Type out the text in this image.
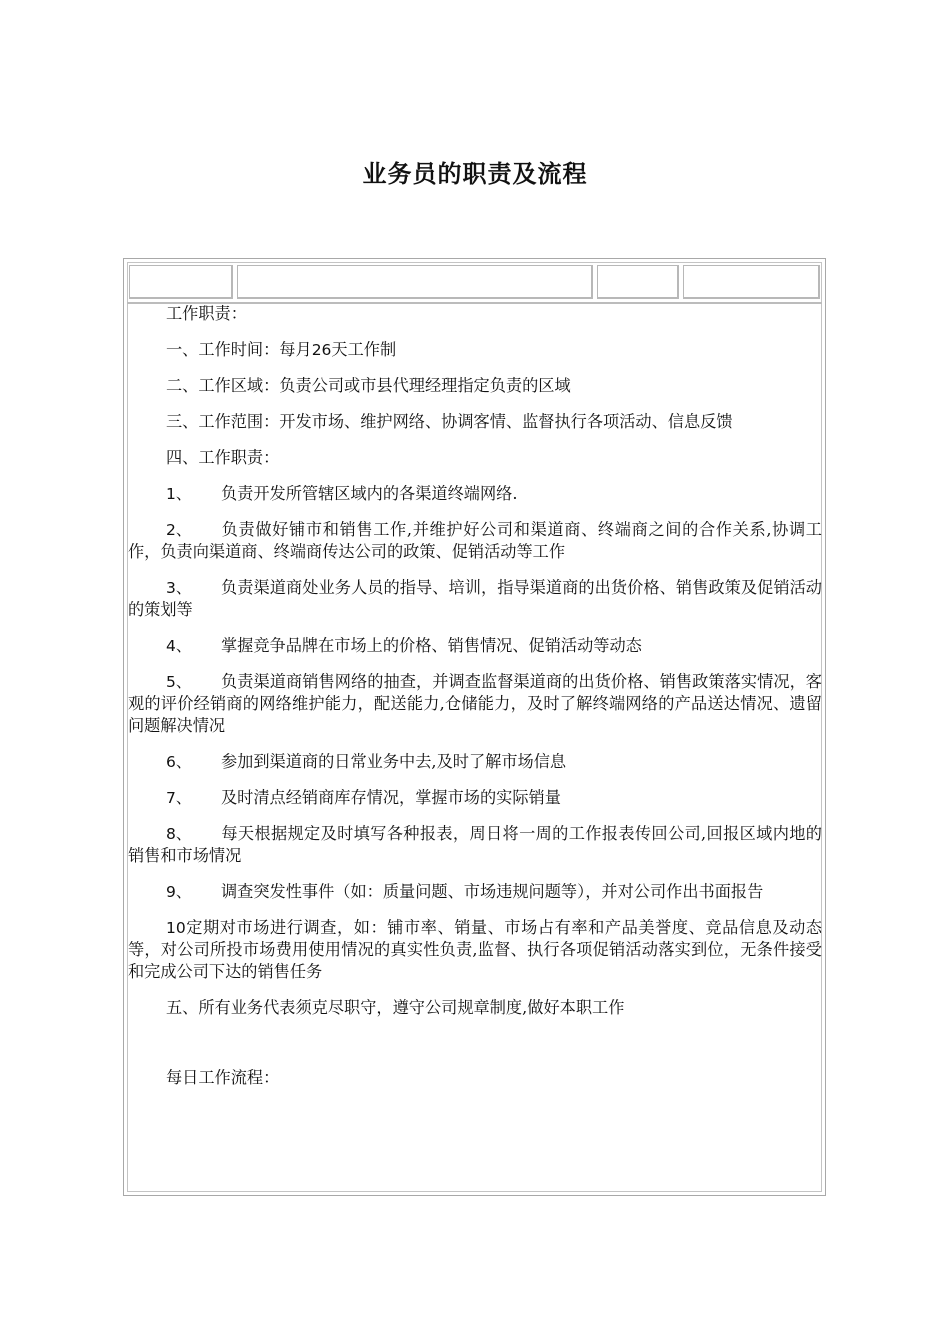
业务员的职责及流程

工作职责：

一、工作时间：每月26天工作制

二、工作区域：负责公司或市县代理经理指定负责的区域

三、工作范围：开发市场、维护网络、协调客情、监督执行各项活动、信息反馈

四、工作职责：

1、 负责开发所管辖区域内的各渠道终端网络.

2、 负责做好铺市和销售工作,并维护好公司和渠道商、终端商之间的合作关系,协调工作，负责向渠道商、终端商传达公司的政策、促销活动等工作

3、 负责渠道商处业务人员的指导、培训，指导渠道商的出货价格、销售政策及促销活动的策划等

4、 掌握竞争品牌在市场上的价格、销售情况、促销活动等动态

5、 负责渠道商销售网络的抽查，并调查监督渠道商的出货价格、销售政策落实情况，客观的评价经销商的网络维护能力，配送能力,仓储能力，及时了解终端网络的产品送达情况、遗留问题解决情况

6、 参加到渠道商的日常业务中去,及时了解市场信息

7、 及时清点经销商库存情况，掌握市场的实际销量

8、 每天根据规定及时填写各种报表，周日将一周的工作报表传回公司,回报区域内地的销售和市场情况

9、 调查突发性事件（如：质量问题、市场违规问题等），并对公司作出书面报告

10定期对市场进行调查，如：铺市率、销量、市场占有率和产品美誉度、竞品信息及动态等，对公司所投市场费用使用情况的真实性负责,监督、执行各项促销活动落实到位，无条件接受和完成公司下达的销售任务

五、所有业务代表须克尽职守，遵守公司规章制度,做好本职工作

每日工作流程：
